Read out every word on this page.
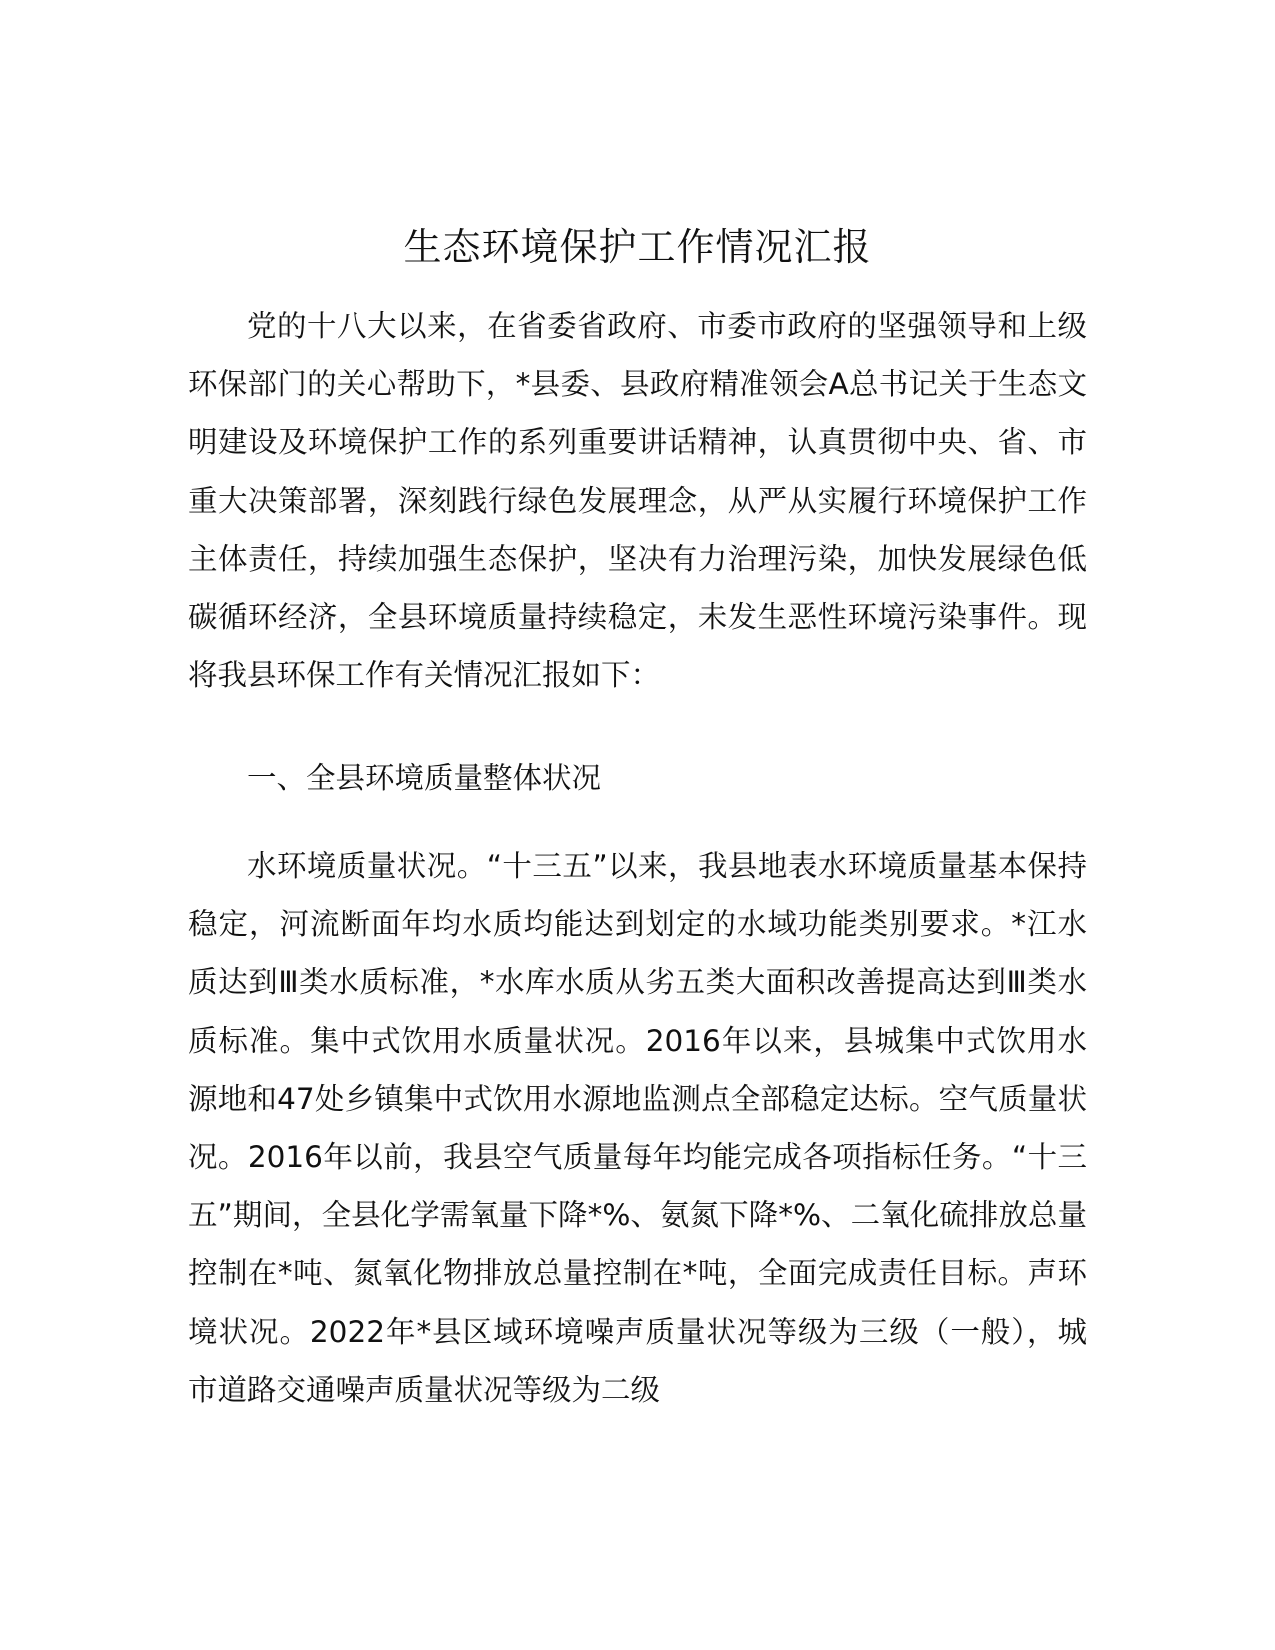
生态环境保护工作情况汇报

党的十八大以来，在省委省政府、市委市政府的坚强领导和上级环保部门的关心帮助下，*县委、县政府精准领会A总书记关于生态文明建设及环境保护工作的系列重要讲话精神，认真贯彻中央、省、市重大决策部署，深刻践行绿色发展理念，从严从实履行环境保护工作主体责任，持续加强生态保护，坚决有力治理污染，加快发展绿色低碳循环经济，全县环境质量持续稳定，未发生恶性环境污染事件。现将我县环保工作有关情况汇报如下：

一、全县环境质量整体状况

水环境质量状况。“十三五”以来，我县地表水环境质量基本保持稳定，河流断面年均水质均能达到划定的水域功能类别要求。*江水质达到Ⅲ类水质标准，*水库水质从劣五类大面积改善提高达到Ⅲ类水质标准。集中式饮用水质量状况。2016年以来，县城集中式饮用水源地和47处乡镇集中式饮用水源地监测点全部稳定达标。空气质量状况。2016年以前，我县空气质量每年均能完成各项指标任务。“十三五”期间，全县化学需氧量下降*%、氨氮下降*%、二氧化硫排放总量控制在*吨、氮氧化物排放总量控制在*吨，全面完成责任目标。声环境状况。2022年*县区域环境噪声质量状况等级为三级（一般），城市道路交通噪声质量状况等级为二级
